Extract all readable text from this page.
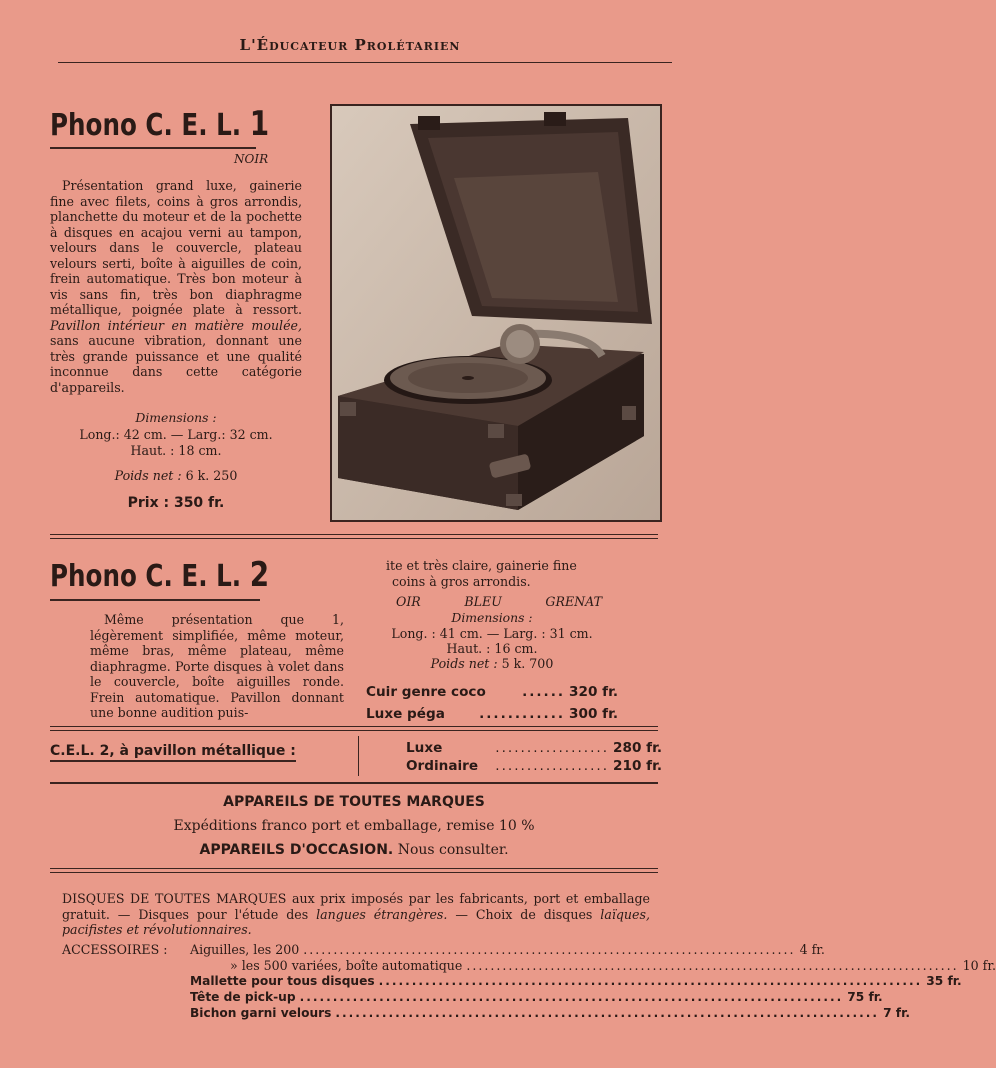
L'Éducateur Prolétarien
Phono C. E. L. 1
NOIR
Présentation grand luxe, gainerie fine avec filets, coins à gros arrondis, planchette du moteur et de la pochette à disques en acajou verni au tampon, velours dans le couvercle, plateau velours serti, boîte à aiguilles de coin, frein automatique. Très bon moteur à vis sans fin, très bon diaphragme métallique, poignée plate à ressort. Pavillon intérieur en matière moulée, sans aucune vibration, donnant une très grande puissance et une qualité inconnue dans cette catégorie d'appareils.
Dimensions :
Long.: 42 cm. — Larg.: 32 cm.
Haut. : 18 cm.
Poids net : 6 k. 250
Prix : 350 fr.
Phono C. E. L. 2
Même présentation que 1, légèrement simplifiée, même moteur, même bras, même plateau, même diaphragme. Porte disques à volet dans le couvercle, boîte aiguilles ronde. Frein automatique. Pavillon donnant une bonne audition puis-
ite et très claire, gainerie fine
coins à gros arrondis.
OIR	BLEU	GRENAT
Dimensions :
Long. : 41 cm. — Larg. : 31 cm.
Haut. : 16 cm.
Poids net : 5 k. 700
Cuir genre coco	...... 320 fr.
Luxe péga	............ 300 fr.
C.E.L. 2, à pavillon métallique :	Luxe	.................. 280 fr.
Ordinaire	.................. 210 fr.
APPAREILS DE TOUTES MARQUES
Expéditions franco port et emballage, remise 10 %
APPAREILS D'OCCASION. Nous consulter.
DISQUES DE TOUTES MARQUES aux prix imposés par les fabricants, port et emballage gratuit. — Disques pour l'étude des langues étrangères. — Choix de disques laïques, pacifistes et révolutionnaires.
ACCESSOIRES : Aiguilles, les 200 .................................................................................. 4 fr.
» les 500 variées, boîte automatique .................................................................................. 10 fr.
Mallette pour tous disques .................................................................................. 35 fr.
Tête de pick-up .................................................................................. 75 fr.
Bichon garni velours .................................................................................. 7 fr.
